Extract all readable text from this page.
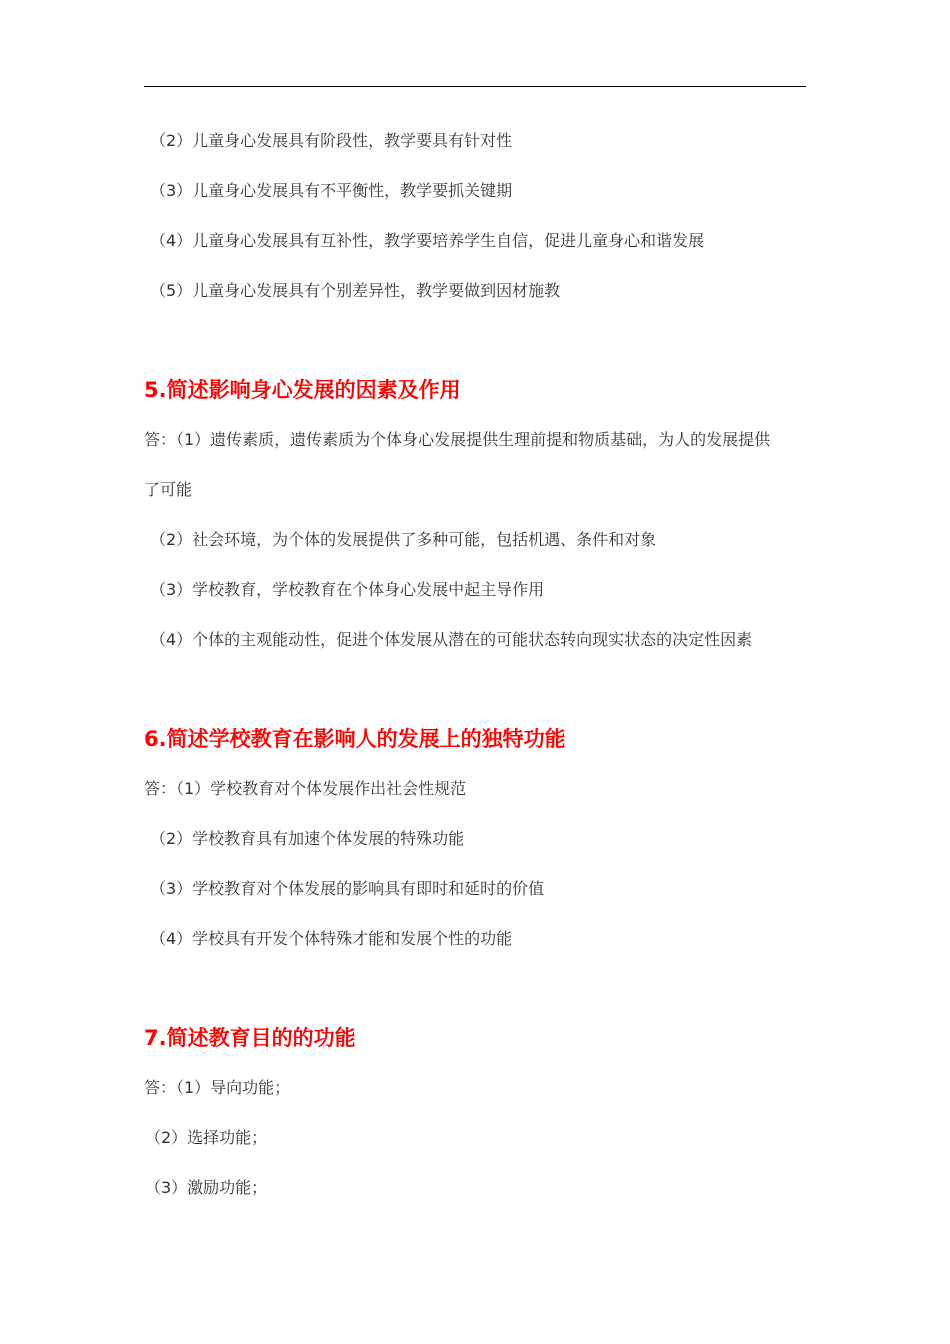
（2）儿童身心发展具有阶段性，教学要具有针对性
（3）儿童身心发展具有不平衡性，教学要抓关键期
（4）儿童身心发展具有互补性，教学要培养学生自信，促进儿童身心和谐发展
（5）儿童身心发展具有个别差异性，教学要做到因材施教
5.简述影响身心发展的因素及作用
答：（1）遗传素质，遗传素质为个体身心发展提供生理前提和物质基础，为人的发展提供
了可能
（2）社会环境，为个体的发展提供了多种可能，包括机遇、条件和对象
（3）学校教育，学校教育在个体身心发展中起主导作用
（4）个体的主观能动性，促进个体发展从潜在的可能状态转向现实状态的决定性因素
6.简述学校教育在影响人的发展上的独特功能
答：（1）学校教育对个体发展作出社会性规范
（2）学校教育具有加速个体发展的特殊功能
（3）学校教育对个体发展的影响具有即时和延时的价值
（4）学校具有开发个体特殊才能和发展个性的功能
7.简述教育目的的功能
答：（1）导向功能；
（2）选择功能；
（3）激励功能；
